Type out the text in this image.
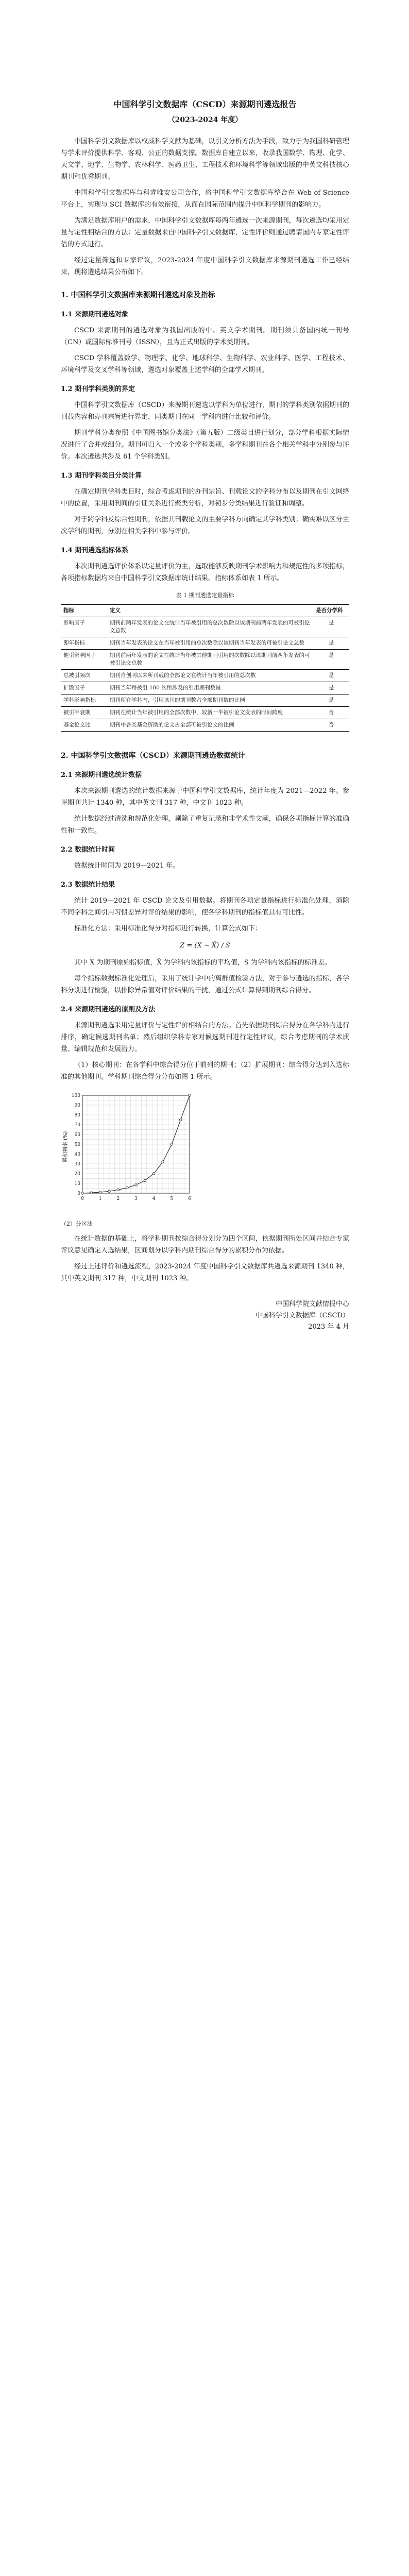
中国科学引文数据库（CSCD）来源期刊遴选报告
（2023-2024 年度）

中国科学引文数据库以权威科学文献为基础，以引文分析方法为手段，致力于为我国科研管理与学术评价提供科学、客观、公正的数据支撑。数据库自建立以来，收录我国数学、物理、化学、天文学、地学、生物学、农林科学、医药卫生、工程技术和环境科学等领域出版的中英文科技核心期刊和优秀期刊。

中国科学引文数据库与科睿唯安公司合作，将中国科学引文数据库整合在 Web of Science 平台上，实现与 SCI 数据库的有效衔接，从而在国际范围内提升中国科学期刊的影响力。

为满足数据库用户的需求，中国科学引文数据库每两年遴选一次来源期刊，每次遴选均采用定量与定性相结合的方法：定量数据来自中国科学引文数据库，定性评价则通过聘请国内专家定性评估的方式进行。

经过定量筛选和专家评议，2023-2024 年度中国科学引文数据库来源期刊遴选工作已经结束，现将遴选结果公布如下。

1. 中国科学引文数据库来源期刊遴选对象及指标
1.1 来源期刊遴选对象

CSCD 来源期刊的遴选对象为我国出版的中、英文学术期刊。期刊须具备国内统一刊号（CN）或国际标准刊号（ISSN），且为正式出版的学术类期刊。

CSCD 学科覆盖数学、物理学、化学、地球科学、生物科学、农业科学、医学、工程技术、环境科学及交叉学科等领域，遴选对象覆盖上述学科的全部学术期刊。

1.2 期刊学科类别的界定

中国科学引文数据库（CSCD）来源期刊遴选以学科为单位进行，期刊的学科类别依据期刊的刊载内容和办刊宗旨进行界定，同类期刊在同一学科内进行比较和评价。

期刊学科分类参照《中国图书馆分类法》（第五版）二级类目进行划分，部分学科根据实际情况进行了合并或细分。期刊可归入一个或多个学科类别，多学科期刊在各个相关学科中分别参与评价。本次遴选共涉及 61 个学科类别。

1.3 期刊学科类目分类计算

在确定期刊学科类目时，综合考虑期刊的办刊宗旨、刊载论文的学科分布以及期刊在引文网络中的位置，采用期刊间的引证关系进行聚类分析，对初步分类结果进行验证和调整。

对于跨学科及综合性期刊，依据其刊载论文的主要学科方向确定其学科类别；确实难以区分主次学科的期刊，分别在相关学科中参与评价。

1.4 期刊遴选指标体系

本次期刊遴选评价体系以定量评价为主，选取能够反映期刊学术影响力和规范性的多项指标，各项指标数据均来自中国科学引文数据库统计结果。指标体系如表 1 所示。

表 1 期刊遴选定量指标
指标	定义	是否分学科
影响因子	期刊前两年发表的论文在统计当年被引用的总次数除以该期刊前两年发表的可被引论文总数	是
即年指标	期刊当年发表的论文在当年被引用的总次数除以该期刊当年发表的可被引论文总数	是
他引影响因子	期刊前两年发表的论文在统计当年被其他期刊引用的次数除以该期刊前两年发表的可被引论文总数	是
总被引频次	期刊自创刊以来所刊载的全部论文在统计当年被引用的总次数	是
扩散因子	期刊当年每被引 100 次所涉及的引用期刊数量	是
学科影响指标	期刊所在学科内，引用该刊的期刊数占全部期刊数的比例	是
被引半衰期	期刊在统计当年被引用的全部次数中，较新一半被引论文发表的时间跨度	否
基金论文比	期刊中各类基金资助的论文占全部可被引论文的比例	否
2. 中国科学引文数据库（CSCD）来源期刊遴选数据统计
2.1 来源期刊遴选统计数据

本次来源期刊遴选的统计数据来源于中国科学引文数据库，统计年度为 2021—2022 年。参评期刊共计 1340 种，其中英文刊 317 种，中文刊 1023 种。

统计数据经过清洗和规范化处理，剔除了重复记录和非学术性文献，确保各项指标计算的准确性和一致性。

2.2 数据统计时间

数据统计时间为 2019—2021 年。

2.3 数据统计结果

统计 2019—2021 年 CSCD 论文及引用数据。将期刊各项定量指标进行标准化处理，消除不同学科之间引用习惯差异对评价结果的影响，使各学科期刊的指标值具有可比性。

标准化方法：采用标准化得分对指标进行转换，计算公式如下：

Z = (X − X̄) / S

其中 X 为期刊原始指标值，X̄ 为学科内该指标的平均值，S 为学科内该指标的标准差。

每个指标数据标准化处理后，采用了统计学中的离群值检验方法，对于参与遴选的指标，各学科分别进行检验，以排除异常值对评价结果的干扰，通过公式计算得到期刊综合得分。

2.4 来源期刊遴选的原则及方法

来源期刊遴选采用定量评价与定性评价相结合的方法。首先依据期刊综合得分在各学科内进行排序，确定候选期刊名单；然后组织学科专家对候选期刊进行定性评议，综合考虑期刊的学术质量、编辑规范和发展潜力。

（1）核心期刊：在各学科中综合得分位于前列的期刊；（2）扩展期刊：综合得分达到入选标准的其他期刊。学科期刊综合得分分布如图 1 所示。

0	1	2	3	4	5	6
0
10
20
30
40
50
60
70
80
90
100
累积频率 (%)
（2）分区法

在统计数据的基础上，将学科期刊按综合得分划分为四个区间，依据期刊所处区间并结合专家评议意见确定入选结果，区间划分以学科内期刊综合得分的累积分布为依据。

经过上述评价和遴选流程，2023-2024 年度中国科学引文数据库共遴选来源期刊 1340 种，其中英文期刊 317 种，中文期刊 1023 种。

中国科学院文献情报中心
中国科学引文数据库（CSCD）
2023 年 4 月
